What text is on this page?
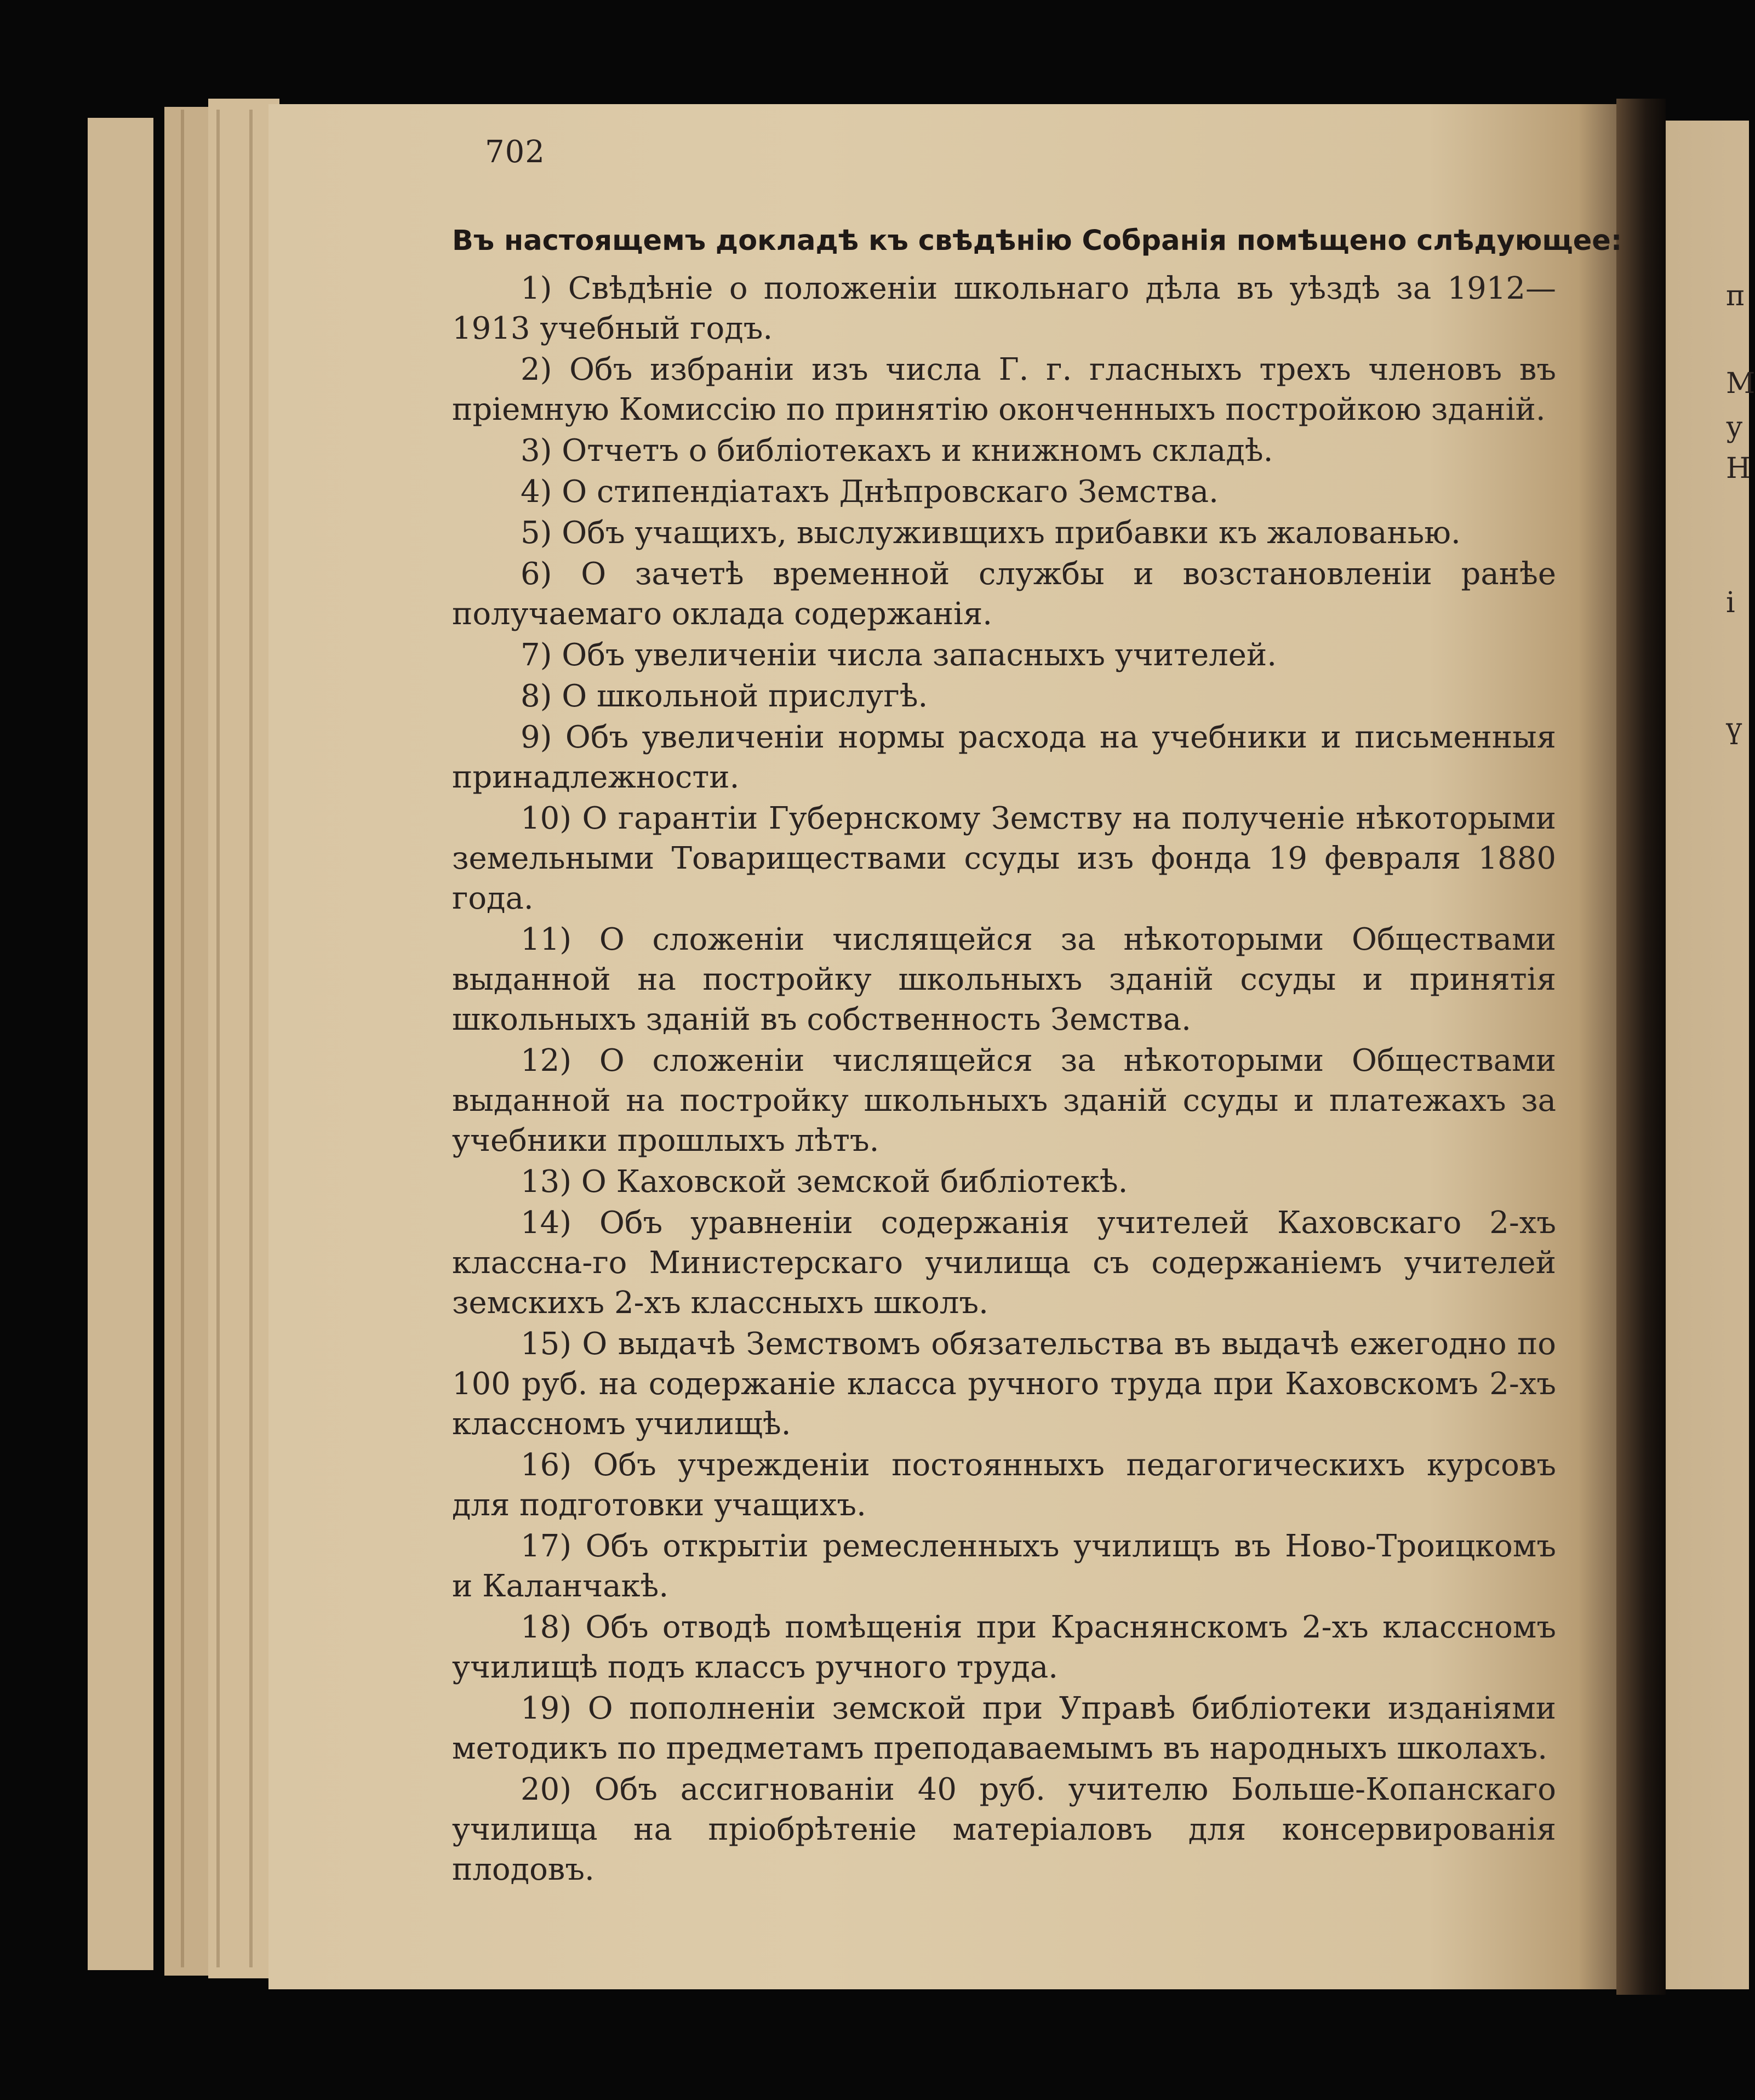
п
М
у
Н
і
ү
702
Въ настоящемъ докладѣ къ свѣдѣнію Собранія помѣщено слѣдующее:

1) Свѣдѣніе о положеніи школьнаго дѣла въ уѣздѣ за 1912—1913 учебный годъ.

2) Объ избраніи изъ числа Г. г. гласныхъ трехъ членовъ въ пріемную Комиссію по принятію оконченныхъ постройкою зданій.

3) Отчетъ о библіотекахъ и книжномъ складѣ.

4) О стипендіатахъ Днѣпровскаго Земства.

5) Объ учащихъ, выслуживщихъ прибавки къ жалованью.

6) О зачетѣ временной службы и возстановленіи ранѣе получаемаго оклада содержанія.

7) Объ увеличеніи числа запасныхъ учителей.

8) О школьной прислугѣ.

9) Объ увеличеніи нормы расхода на учебники и письменныя принадлежности.

10) О гарантіи Губернскому Земству на полученіе нѣкоторыми земельными Товариществами ссуды изъ фонда 19 февраля 1880 года.

11) О сложеніи числящейся за нѣкоторыми Обществами выданной на постройку школьныхъ зданій ссуды и принятія школьныхъ зданій въ собственность Земства.

12) О сложеніи числящейся за нѣкоторыми Обществами выданной на постройку школьныхъ зданій ссуды и платежахъ за учебники прошлыхъ лѣтъ.

13) О Каховской земской библіотекѣ.

14) Объ уравненіи содержанія учителей Каховскаго 2-хъ классна-го Министерскаго училища съ содержаніемъ учителей земскихъ 2-хъ классныхъ школъ.

15) О выдачѣ Земствомъ обязательства въ выдачѣ ежегодно по 100 руб. на содержаніе класса ручного труда при Каховскомъ 2-хъ классномъ училищѣ.

16) Объ учрежденіи постоянныхъ педагогическихъ курсовъ для подготовки учащихъ.

17) Объ открытіи ремесленныхъ училищъ въ Ново-Троицкомъ и Каланчакѣ.

18) Объ отводѣ помѣщенія при Краснянскомъ 2-хъ классномъ училищѣ подъ классъ ручного труда.

19) О пополненіи земской при Управѣ библіотеки изданіями методикъ по предметамъ преподаваемымъ въ народныхъ школахъ.

20) Объ ассигнованіи 40 руб. учителю Больше-Копанскаго училища на пріобрѣтеніе матеріаловъ для консервированія плодовъ.
